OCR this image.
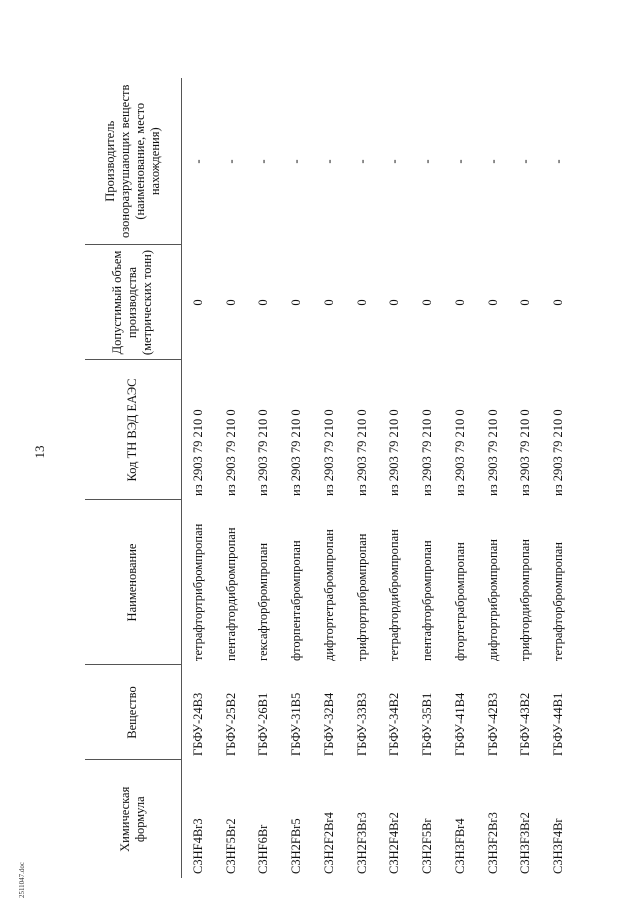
13
Химическая формула	Вещество	Наименование	Код ТН ВЭД ЕАЭС	Допустимый объем производства (метрических тонн)	Производитель озоноразрушающих веществ (наименование, место нахождения)
C3HF4Br3	ГБФУ-24B3	тетрафтортрибромпропан	из 2903 79 210 0	0	-
C3HF5Br2	ГБФУ-25B2	пентафтордибромпропан	из 2903 79 210 0	0	-
C3HF6Br	ГБФУ-26B1	гексафторбромпропан	из 2903 79 210 0	0	-
C3H2FBr5	ГБФУ-31B5	фторпентабромпропан	из 2903 79 210 0	0	-
C3H2F2Br4	ГБФУ-32B4	дифтортетрабромпропан	из 2903 79 210 0	0	-
C3H2F3Br3	ГБФУ-33B3	трифтортрибромпропан	из 2903 79 210 0	0	-
C3H2F4Br2	ГБФУ-34B2	тетрафтордибромпропан	из 2903 79 210 0	0	-
C3H2F5Br	ГБФУ-35B1	пентафторбромпропан	из 2903 79 210 0	0	-
C3H3FBr4	ГБФУ-41B4	фтортетрабромпропан	из 2903 79 210 0	0	-
C3H3F2Br3	ГБФУ-42B3	дифтортрибромпропан	из 2903 79 210 0	0	-
C3H3F3Br2	ГБФУ-43B2	трифтордибромпропан	из 2903 79 210 0	0	-
C3H3F4Br	ГБФУ-44B1	тетрафторбромпропан	из 2903 79 210 0	0	-
2511047.doc
